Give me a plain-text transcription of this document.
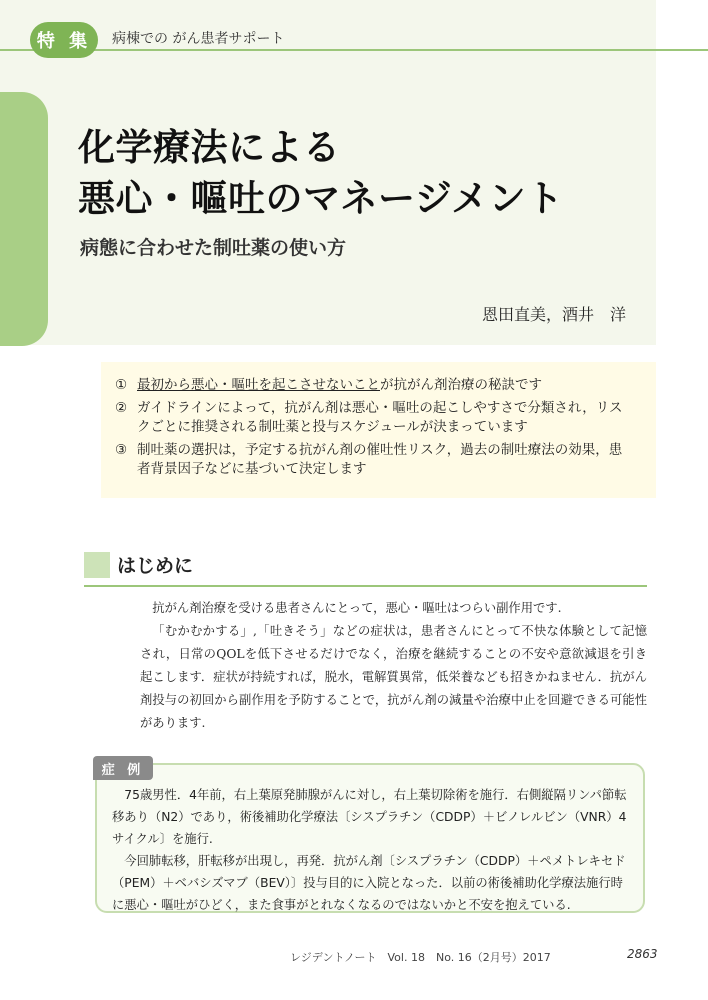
特 集	病棟での がん患者サポート
化学療法による
悪心・嘔吐のマネージメント
病態に合わせた制吐薬の使い方
恩田直美，酒井　洋
① 最初から悪心・嘔吐を起こさせないことが抗がん剤治療の秘訣です
② ガイドラインによって，抗がん剤は悪心・嘔吐の起こしやすさで分類され，リスクごとに推奨される制吐薬と投与スケジュールが決まっています
③ 制吐薬の選択は，予定する抗がん剤の催吐性リスク，過去の制吐療法の効果，患者背景因子などに基づいて決定します
はじめに

抗がん剤治療を受ける患者さんにとって，悪心・嘔吐はつらい副作用です.

「むかむかする」,「吐きそう」などの症状は，患者さんにとって不快な体験として記憶され，日常のQOLを低下させるだけでなく，治療を継続することの不安や意欲減退を引き起こします．症状が持続すれば，脱水，電解質異常，低栄養なども招きかねません．抗がん剤投与の初回から副作用を予防することで，抗がん剤の減量や治療中止を回避できる可能性があります.

症 例

75歳男性．4年前，右上葉原発肺腺がんに対し，右上葉切除術を施行．右側縦隔リンパ節転移あり（N2）であり，術後補助化学療法〔シスプラチン（CDDP）＋ビノレルビン（VNR）4サイクル〕を施行.

今回肺転移，肝転移が出現し，再発．抗がん剤〔シスプラチン（CDDP）＋ペメトレキセド（PEM）＋ベバシズマブ（BEV）〕投与目的に入院となった．以前の術後補助化学療法施行時に悪心・嘔吐がひどく，また食事がとれなくなるのではないかと不安を抱えている.

レジデントノート　Vol. 18　No. 16（2月号）2017	2863
